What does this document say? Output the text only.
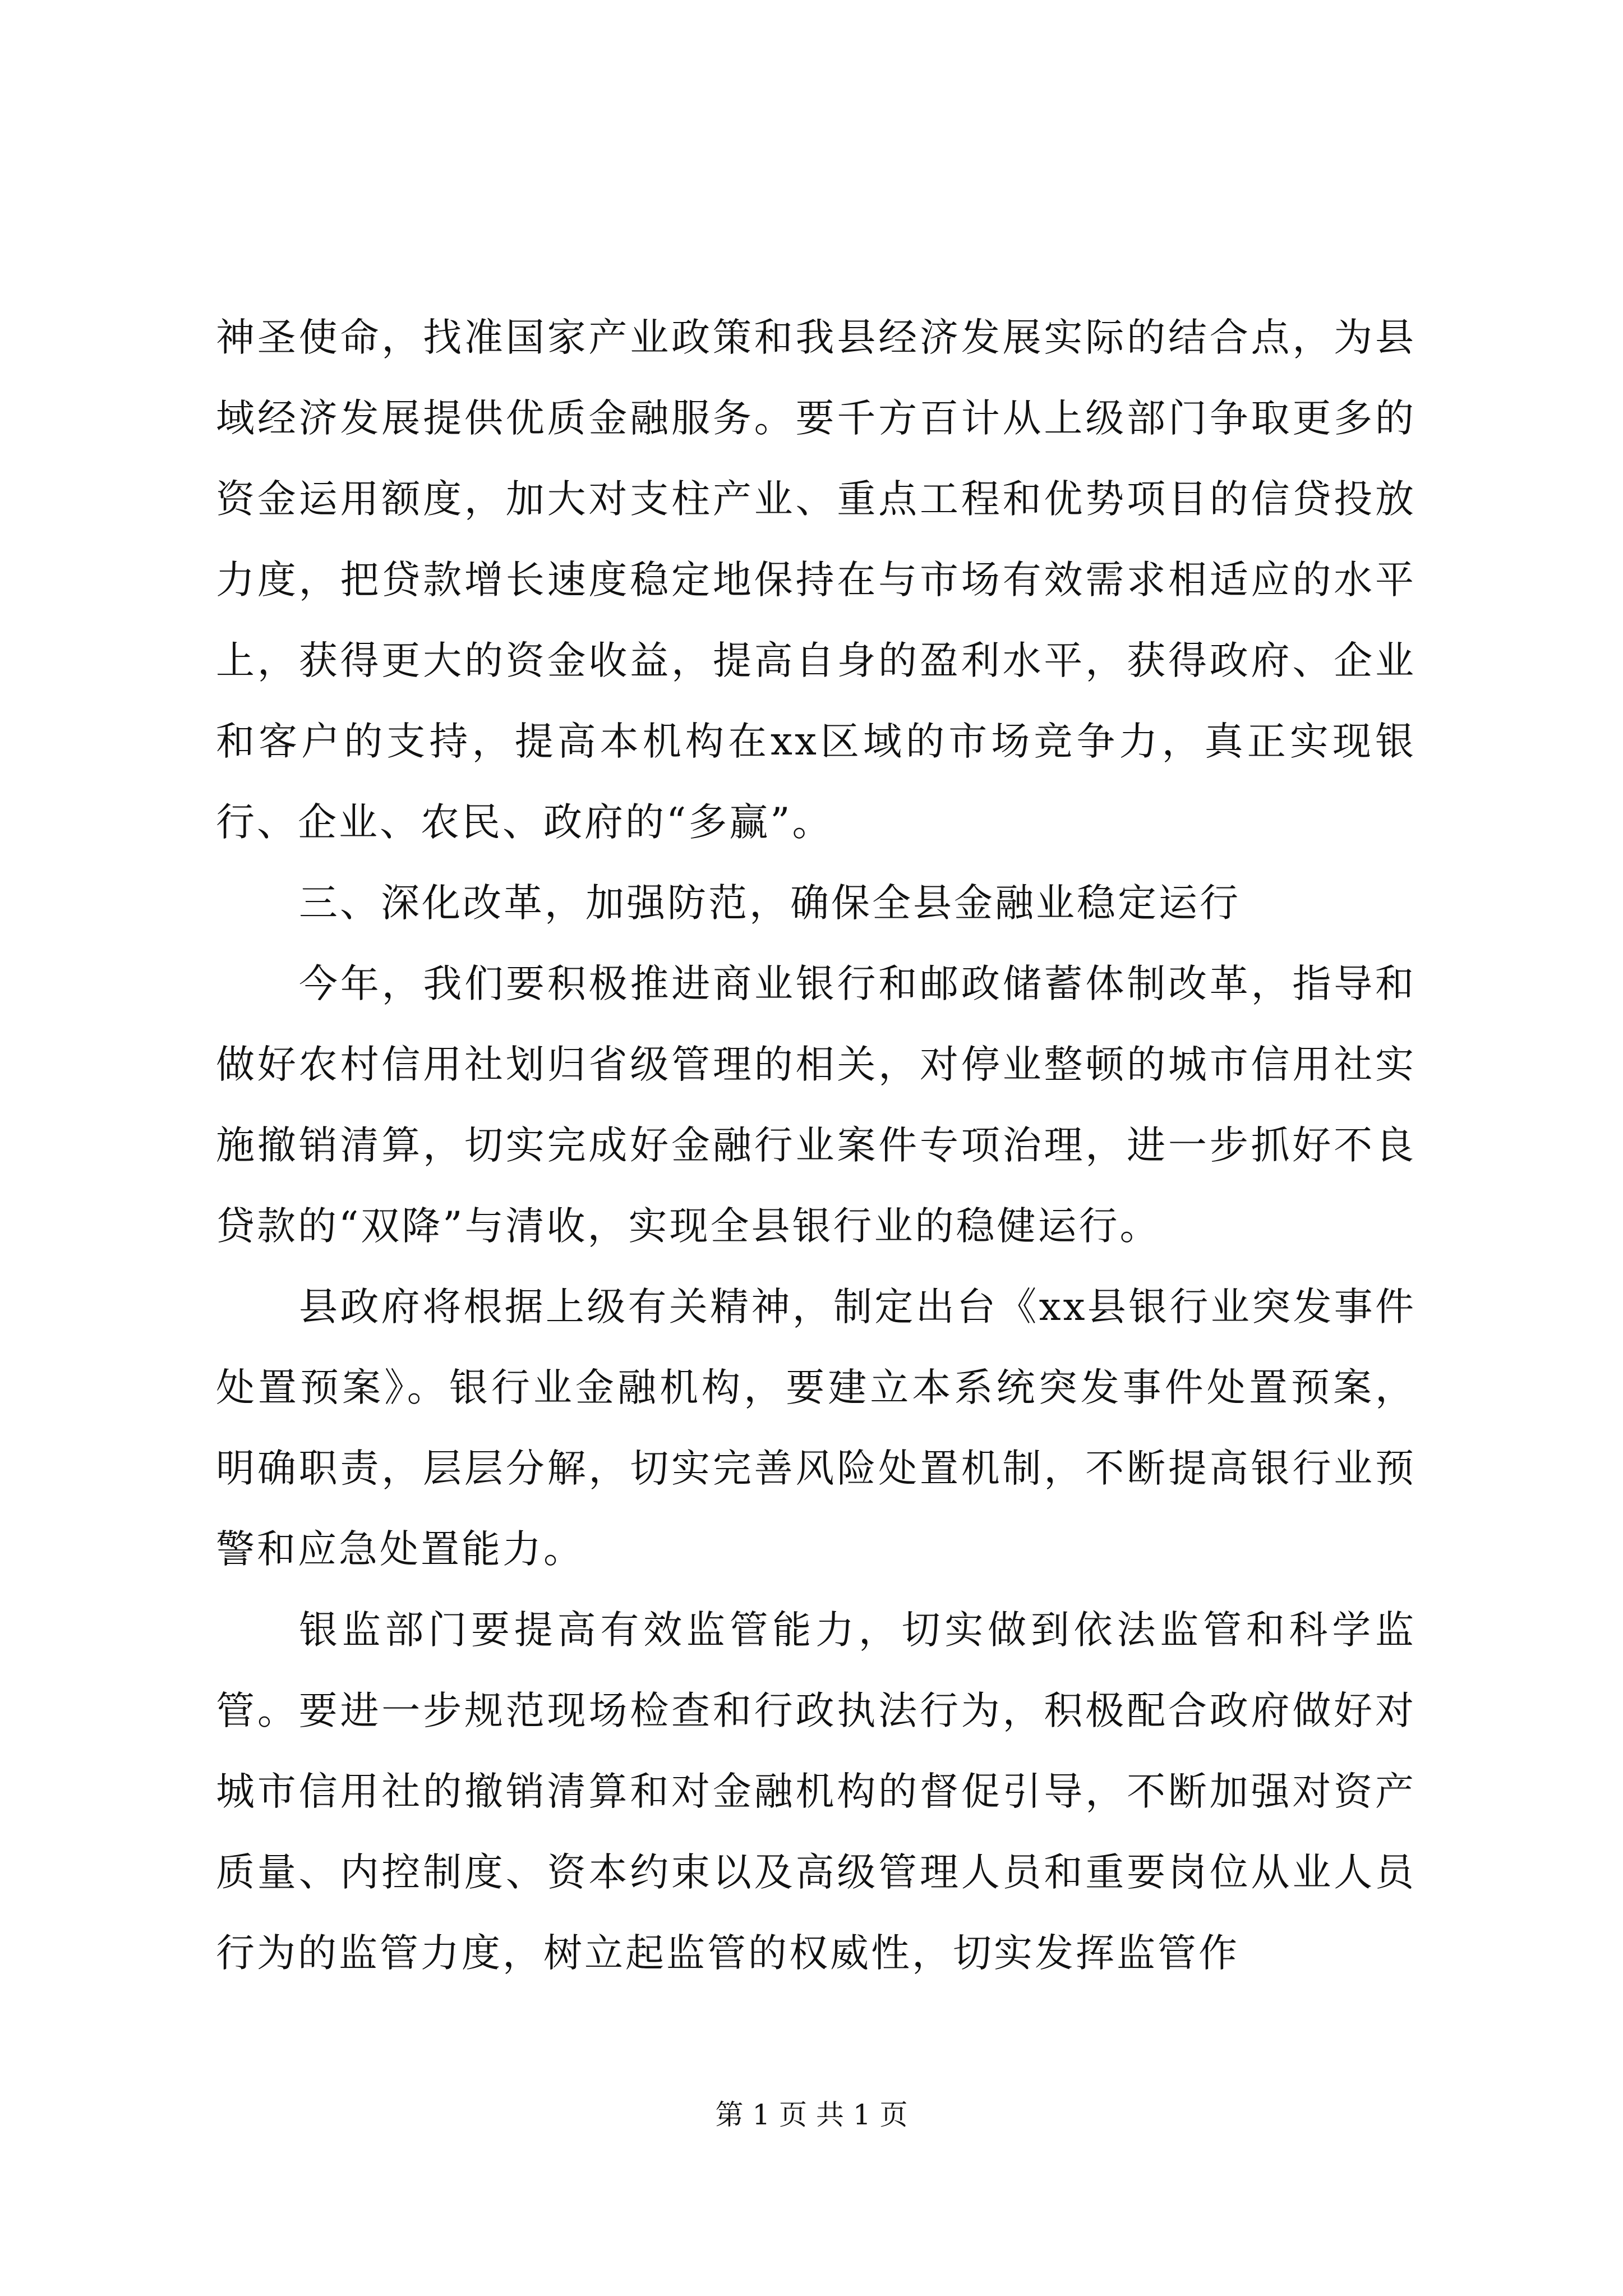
神圣使命，找准国家产业政策和我县经济发展实际的结合点，为县域经济发展提供优质金融服务。要千方百计从上级部门争取更多的资金运用额度，加大对支柱产业、重点工程和优势项目的信贷投放力度，把贷款增长速度稳定地保持在与市场有效需求相适应的水平上，获得更大的资金收益，提高自身的盈利水平，获得政府、企业和客户的支持，提高本机构在xx区域的市场竞争力，真正实现银行、企业、农民、政府的“多赢”。

三、深化改革，加强防范，确保全县金融业稳定运行

今年，我们要积极推进商业银行和邮政储蓄体制改革，指导和做好农村信用社划归省级管理的相关，对停业整顿的城市信用社实施撤销清算，切实完成好金融行业案件专项治理，进一步抓好不良贷款的“双降”与清收，实现全县银行业的稳健运行。

县政府将根据上级有关精神，制定出台《xx县银行业突发事件处置预案》。银行业金融机构，要建立本系统突发事件处置预案，明确职责，层层分解，切实完善风险处置机制，不断提高银行业预警和应急处置能力。

银监部门要提高有效监管能力，切实做到依法监管和科学监管。要进一步规范现场检查和行政执法行为，积极配合政府做好对城市信用社的撤销清算和对金融机构的督促引导，不断加强对资产质量、内控制度、资本约束以及高级管理人员和重要岗位从业人员行为的监管力度，树立起监管的权威性，切实发挥监管作

第 1 页 共 1 页
